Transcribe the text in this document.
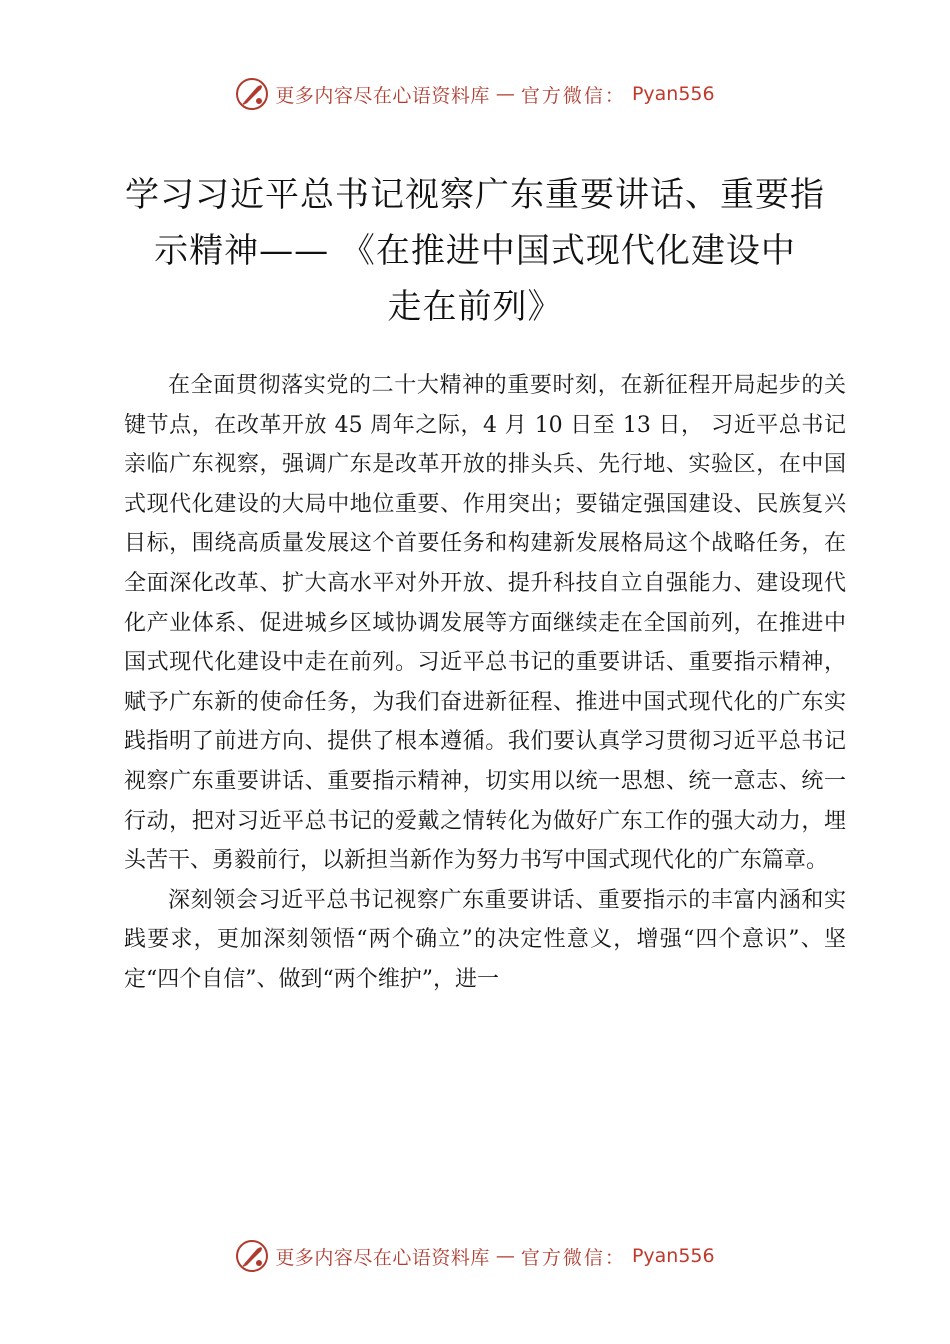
更多内容尽在心语资料库 — 官方微信： Pyan556
学习习近平总书记视察广东重要讲话、重要指
示精神—— 《在推进中国式现代化建设中
走在前列》

在全面贯彻落实党的二十大精神的重要时刻，在新征程开局起步的关键节点，在改革开放 45 周年之际，4 月 10 日至 13 日， 习近平总书记亲临广东视察，强调广东是改革开放的排头兵、先行地、实验区，在中国式现代化建设的大局中地位重要、作用突出；要锚定强国建设、民族复兴目标，围绕高质量发展这个首要任务和构建新发展格局这个战略任务，在全面深化改革、扩大高水平对外开放、提升科技自立自强能力、建设现代化产业体系、促进城乡区域协调发展等方面继续走在全国前列，在推进中国式现代化建设中走在前列。习近平总书记的重要讲话、重要指示精神，赋予广东新的使命任务，为我们奋进新征程、推进中国式现代化的广东实践指明了前进方向、提供了根本遵循。我们要认真学习贯彻习近平总书记视察广东重要讲话、重要指示精神，切实用以统一思想、统一意志、统一行动，把对习近平总书记的爱戴之情转化为做好广东工作的强大动力，埋头苦干、勇毅前行，以新担当新作为努力书写中国式现代化的广东篇章。

深刻领会习近平总书记视察广东重要讲话、重要指示的丰富内涵和实践要求，更加深刻领悟“两个确立”的决定性意义，增强“四个意识”、坚定“四个自信”、做到“两个维护”，进一

更多内容尽在心语资料库 — 官方微信： Pyan556
